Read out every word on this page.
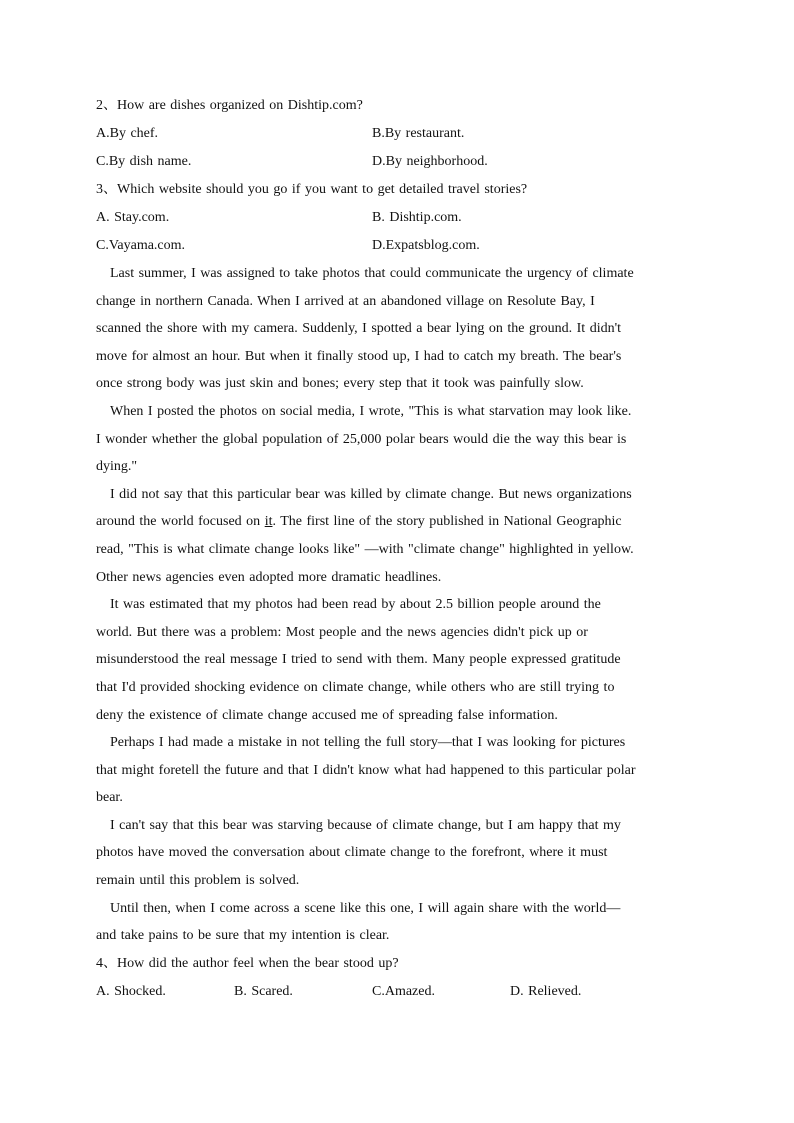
2、How are dishes organized on Dishtip.com?
A.By chef.	B.By restaurant.
C.By dish name.	D.By neighborhood.
3、Which website should you go if you want to get detailed travel stories?
A. Stay.com.	B. Dishtip.com.
C.Vayama.com.	D.Expatsblog.com.
Last summer, I was assigned to take photos that could communicate the urgency of climate
change in northern Canada. When I arrived at an abandoned village on Resolute Bay, I
scanned the shore with my camera. Suddenly, I spotted a bear lying on the ground. It didn't
move for almost an hour. But when it finally stood up, I had to catch my breath. The bear's
once strong body was just skin and bones; every step that it took was painfully slow.
When I posted the photos on social media, I wrote, "This is what starvation may look like.
I wonder whether the global population of 25,000 polar bears would die the way this bear is
dying."
I did not say that this particular bear was killed by climate change. But news organizations
around the world focused on it. The first line of the story published in National Geographic
read, "This is what climate change looks like" —with "climate change" highlighted in yellow.
Other news agencies even adopted more dramatic headlines.
It was estimated that my photos had been read by about 2.5 billion people around the
world. But there was a problem: Most people and the news agencies didn't pick up or
misunderstood the real message I tried to send with them. Many people expressed gratitude
that I'd provided shocking evidence on climate change, while others who are still trying to
deny the existence of climate change accused me of spreading false information.
Perhaps I had made a mistake in not telling the full story—that I was looking for pictures
that might foretell the future and that I didn't know what had happened to this particular polar
bear.
I can't say that this bear was starving because of climate change, but I am happy that my
photos have moved the conversation about climate change to the forefront, where it must
remain until this problem is solved.
Until then, when I come across a scene like this one, I will again share with the world—
and take pains to be sure that my intention is clear.
4、How did the author feel when the bear stood up?
A. Shocked.	B. Scared.	C.Amazed.	D. Relieved.
